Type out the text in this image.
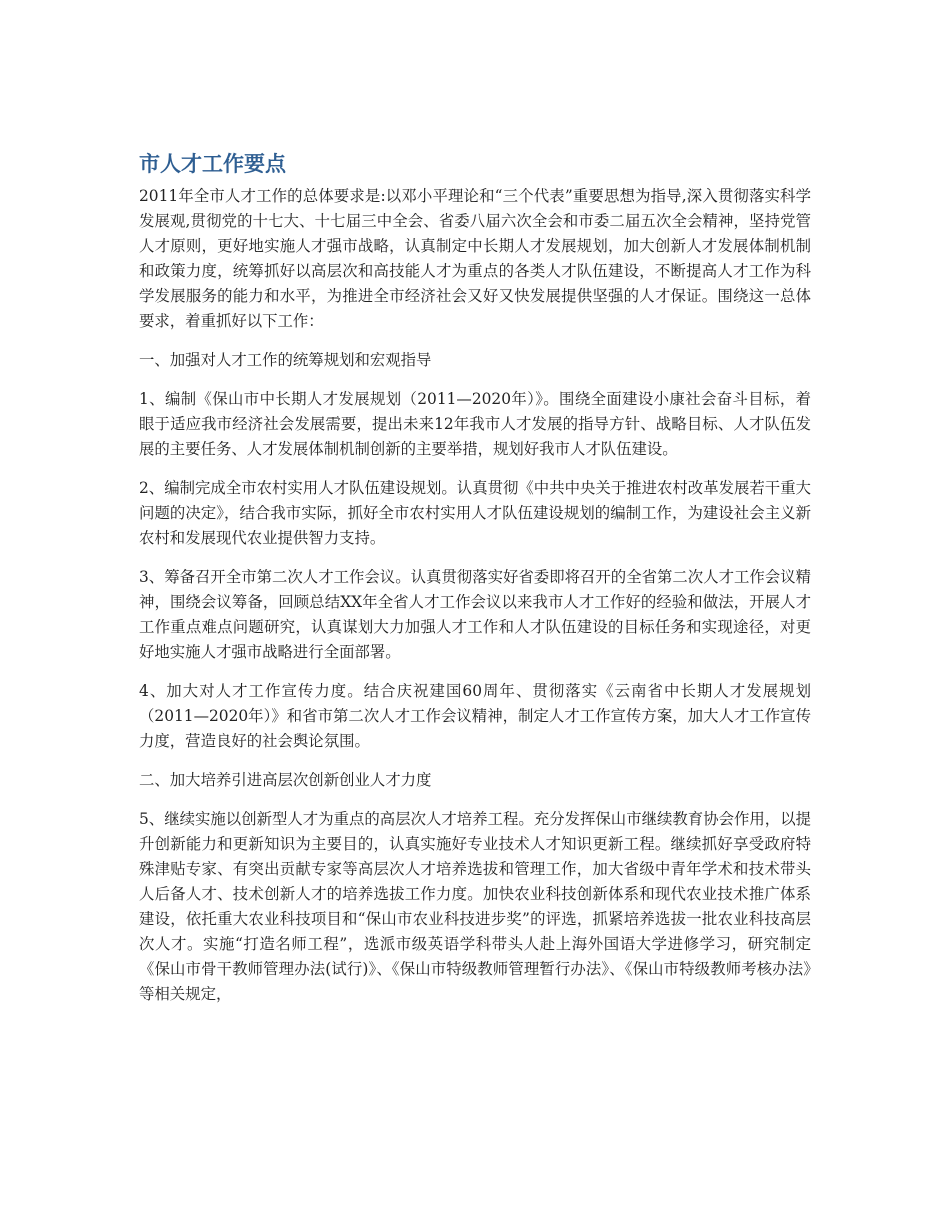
市人才工作要点

2011年全市人才工作的总体要求是:以邓小平理论和“三个代表”重要思想为指导,深入贯彻落实科学发展观,贯彻党的十七大、十七届三中全会、省委八届六次全会和市委二届五次全会精神，坚持党管人才原则，更好地实施人才强市战略，认真制定中长期人才发展规划，加大创新人才发展体制机制和政策力度，统筹抓好以高层次和高技能人才为重点的各类人才队伍建设，不断提高人才工作为科学发展服务的能力和水平，为推进全市经济社会又好又快发展提供坚强的人才保证。围绕这一总体要求，着重抓好以下工作：

一、加强对人才工作的统筹规划和宏观指导

1、编制《保山市中长期人才发展规划（2011—2020年）》。围绕全面建设小康社会奋斗目标，着眼于适应我市经济社会发展需要，提出未来12年我市人才发展的指导方针、战略目标、人才队伍发展的主要任务、人才发展体制机制创新的主要举措，规划好我市人才队伍建设。

2、编制完成全市农村实用人才队伍建设规划。认真贯彻《中共中央关于推进农村改革发展若干重大问题的决定》，结合我市实际，抓好全市农村实用人才队伍建设规划的编制工作，为建设社会主义新农村和发展现代农业提供智力支持。

3、筹备召开全市第二次人才工作会议。认真贯彻落实好省委即将召开的全省第二次人才工作会议精神，围绕会议筹备，回顾总结XX年全省人才工作会议以来我市人才工作好的经验和做法，开展人才工作重点难点问题研究，认真谋划大力加强人才工作和人才队伍建设的目标任务和实现途径，对更好地实施人才强市战略进行全面部署。

4、加大对人才工作宣传力度。结合庆祝建国60周年、贯彻落实《云南省中长期人才发展规划（2011—2020年）》和省市第二次人才工作会议精神，制定人才工作宣传方案，加大人才工作宣传力度，营造良好的社会舆论氛围。

二、加大培养引进高层次创新创业人才力度

5、继续实施以创新型人才为重点的高层次人才培养工程。充分发挥保山市继续教育协会作用，以提升创新能力和更新知识为主要目的，认真实施好专业技术人才知识更新工程。继续抓好享受政府特殊津贴专家、有突出贡献专家等高层次人才培养选拔和管理工作，加大省级中青年学术和技术带头人后备人才、技术创新人才的培养选拔工作力度。加快农业科技创新体系和现代农业技术推广体系建设，依托重大农业科技项目和“保山市农业科技进步奖”的评选，抓紧培养选拔一批农业科技高层次人才。实施“打造名师工程”，选派市级英语学科带头人赴上海外国语大学进修学习，研究制定《保山市骨干教师管理办法(试行)》、《保山市特级教师管理暂行办法》、《保山市特级教师考核办法》等相关规定，
